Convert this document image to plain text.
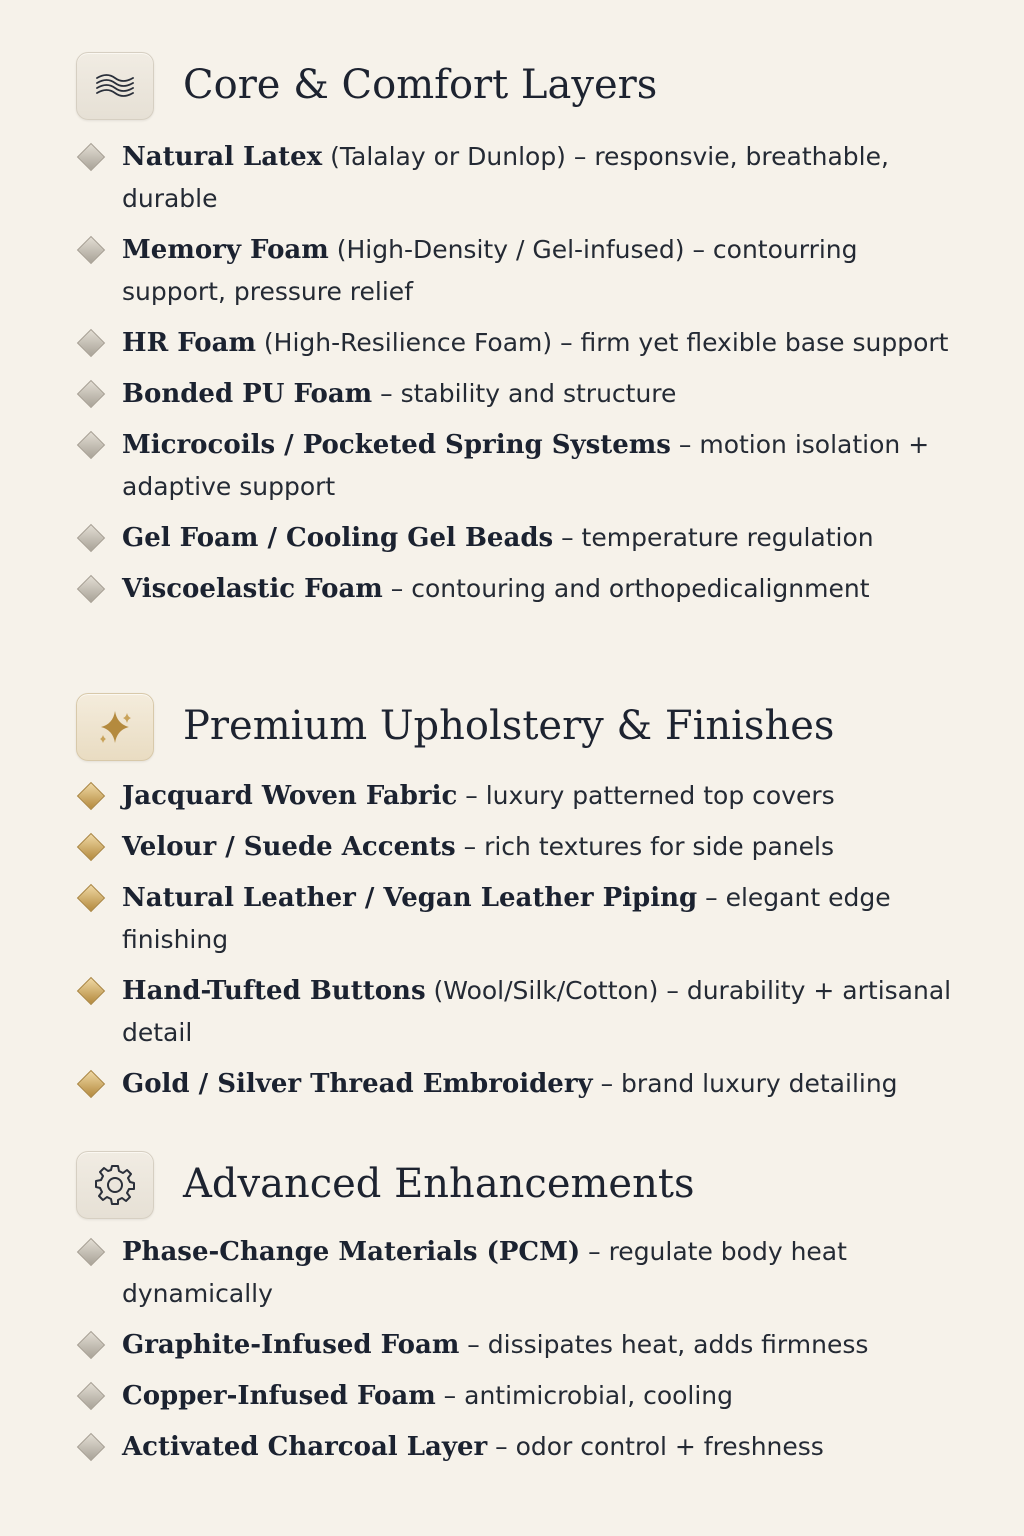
Core & Comfort Layers
Natural Latex (Talalay or Dunlop) – responsvie, breathable, durable
Memory Foam (High-Density / Gel-infused) – contourring support, pressure relief
HR Foam (High-Resilience Foam) – firm yet flexible base support
Bonded PU Foam – stability and structure
Microcoils / Pocketed Spring Systems – motion isolation + adaptive support
Gel Foam / Cooling Gel Beads – temperature regulation
Viscoelastic Foam – contouring and orthopedicalignment
Premium Upholstery & Finishes
Jacquard Woven Fabric – luxury patterned top covers
Velour / Suede Accents – rich textures for side panels
Natural Leather / Vegan Leather Piping – elegant edge finishing
Hand-Tufted Buttons (Wool/Silk/Cotton) – durability + artisanal detail
Gold / Silver Thread Embroidery – brand luxury detailing
Advanced Enhancements
Phase-Change Materials (PCM) – regulate body heat dynamically
Graphite-Infused Foam – dissipates heat, adds firmness
Copper-Infused Foam – antimicrobial, cooling
Activated Charcoal Layer – odor control + freshness
